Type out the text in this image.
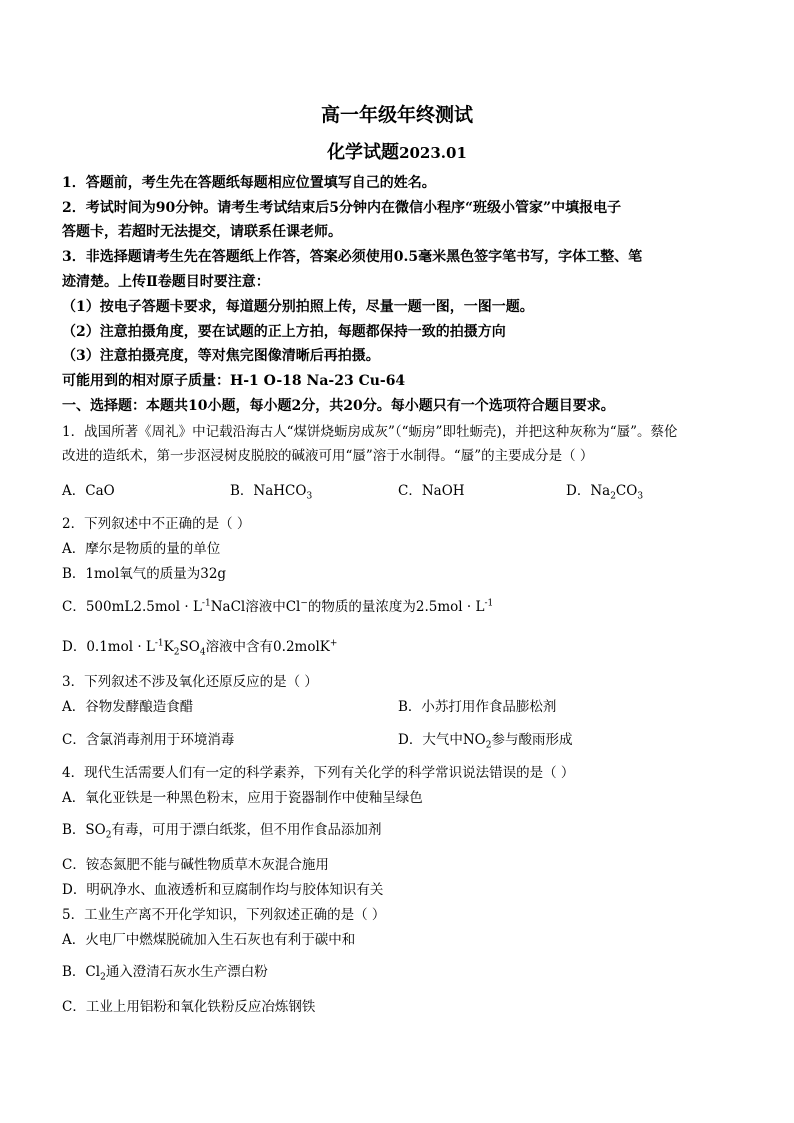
高一年级年终测试
化学试题2023.01
1．答题前，考生先在答题纸每题相应位置填写自己的姓名。
2．考试时间为90分钟。请考生考试结束后5分钟内在微信小程序“班级小管家”中填报电子
答题卡，若超时无法提交，请联系任课老师。
3．非选择题请考生先在答题纸上作答，答案必须使用0.5毫米黑色签字笔书写，字体工整、笔
迹清楚。上传Ⅱ卷题目时要注意：
（1）按电子答题卡要求，每道题分别拍照上传，尽量一题一图，一图一题。
（2）注意拍摄角度，要在试题的正上方拍，每题都保持一致的拍摄方向
（3）注意拍摄亮度，等对焦完图像清晰后再拍摄。
可能用到的相对原子质量：H-1 O-18 Na-23 Cu-64
一、选择题：本题共10小题，每小题2分，共20分。每小题只有一个选项符合题目要求。
1．战国所著《周礼》中记载沿海古人“煤饼烧蛎房成灰”（“蛎房”即牡蛎壳)，并把这种灰称为“蜃”。蔡伦
改进的造纸术，第一步沤浸树皮脱胶的碱液可用“蜃”溶于水制得。“蜃”的主要成分是（ ）
A．CaO	B．NaHCO$_3$	C．NaOH	D．$Na_2CO_3$
2．下列叙述中不正确的是（ ）
A．摩尔是物质的量的单位
B．1mol氧气的质量为32g
C．$500mL2.5mol \cdot L^{-1}NaCl$溶液中Cl−的物质的量浓度为$2.5mol \cdot L^{-1}$
D．$0.1mol \cdot L^{-1}K_2SO_4$溶液中含有0.2molK+
3．下列叙述不涉及氧化还原反应的是（ ）
A．谷物发酵酿造食醋	B．小苏打用作食品膨松剂
C．含氯消毒剂用于环境消毒	D．大气中$NO_2$参与酸雨形成
4．现代生活需要人们有一定的科学素养，下列有关化学的科学常识说法错误的是（ ）
A．氧化亚铁是一种黑色粉末，应用于瓷器制作中使釉呈绿色
B．$SO_2$有毒，可用于漂白纸浆，但不用作食品添加剂
C．铵态氮肥不能与碱性物质草木灰混合施用
D．明矾净水、血液透析和豆腐制作均与胶体知识有关
5．工业生产离不开化学知识，下列叙述正确的是（ ）
A．火电厂中燃煤脱硫加入生石灰也有利于碳中和
B．$Cl_2$通入澄清石灰水生产漂白粉
C．工业上用铝粉和氧化铁粉反应冶炼钢铁
